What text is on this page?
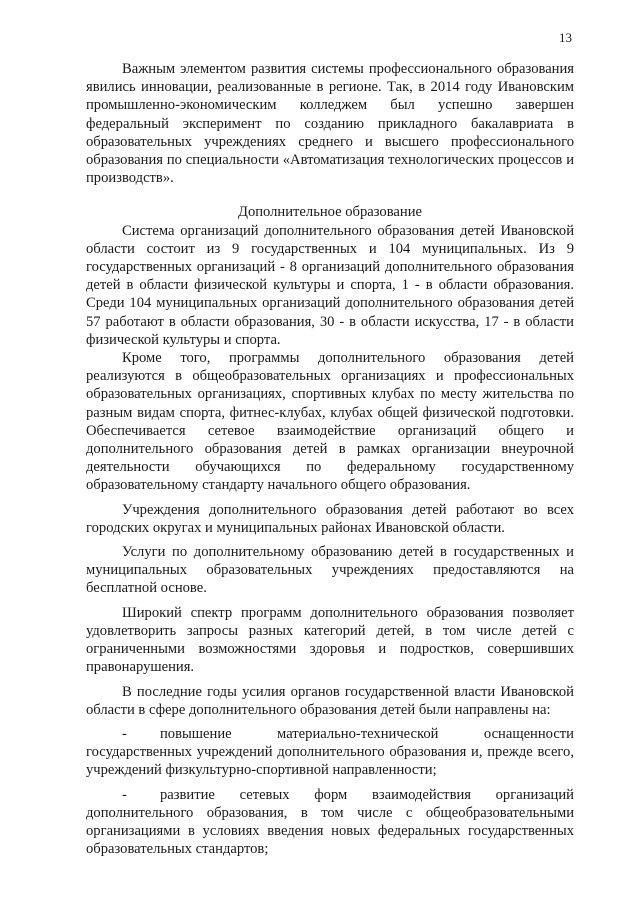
13

Важным элементом развития системы профессионального образования явились инновации, реализованные в регионе. Так, в 2014 году Ивановским промышленно-экономическим колледжем был успешно завершен федеральный эксперимент по созданию прикладного бакалавриата в образовательных учреждениях среднего и высшего профессионального образования по специальности «Автоматизация технологических процессов и производств».

Дополнительное образование

Система организаций дополнительного образования детей Ивановской области состоит из 9 государственных и 104 муниципальных. Из 9 государственных организаций - 8 организаций дополнительного образования детей в области физической культуры и спорта, 1 - в области образования. Среди 104 муниципальных организаций дополнительного образования детей 57 работают в области образования, 30 - в области искусства, 17 - в области физической культуры и спорта.

Кроме того, программы дополнительного образования детей реализуются в общеобразовательных организациях и профессиональных образовательных организациях, спортивных клубах по месту жительства по разным видам спорта, фитнес-клубах, клубах общей физической подготовки. Обеспечивается сетевое взаимодействие организаций общего и дополнительного образования детей в рамках организации внеурочной деятельности обучающихся по федеральному государственному образовательному стандарту начального общего образования.

Учреждения дополнительного образования детей работают во всех городских округах и муниципальных районах Ивановской области.

Услуги по дополнительному образованию детей в государственных и муниципальных образовательных учреждениях предоставляются на бесплатной основе.

Широкий спектр программ дополнительного образования позволяет удовлетворить запросы разных категорий детей, в том числе детей с ограниченными возможностями здоровья и подростков, совершивших правонарушения.

В последние годы усилия органов государственной власти Ивановской области в сфере дополнительного образования детей были направлены на:

- повышение материально-технической оснащенности государственных учреждений дополнительного образования и, прежде всего, учреждений физкультурно-спортивной направленности;

- развитие сетевых форм взаимодействия организаций дополнительного образования, в том числе с общеобразовательными организациями в условиях введения новых федеральных государственных образовательных стандартов;
